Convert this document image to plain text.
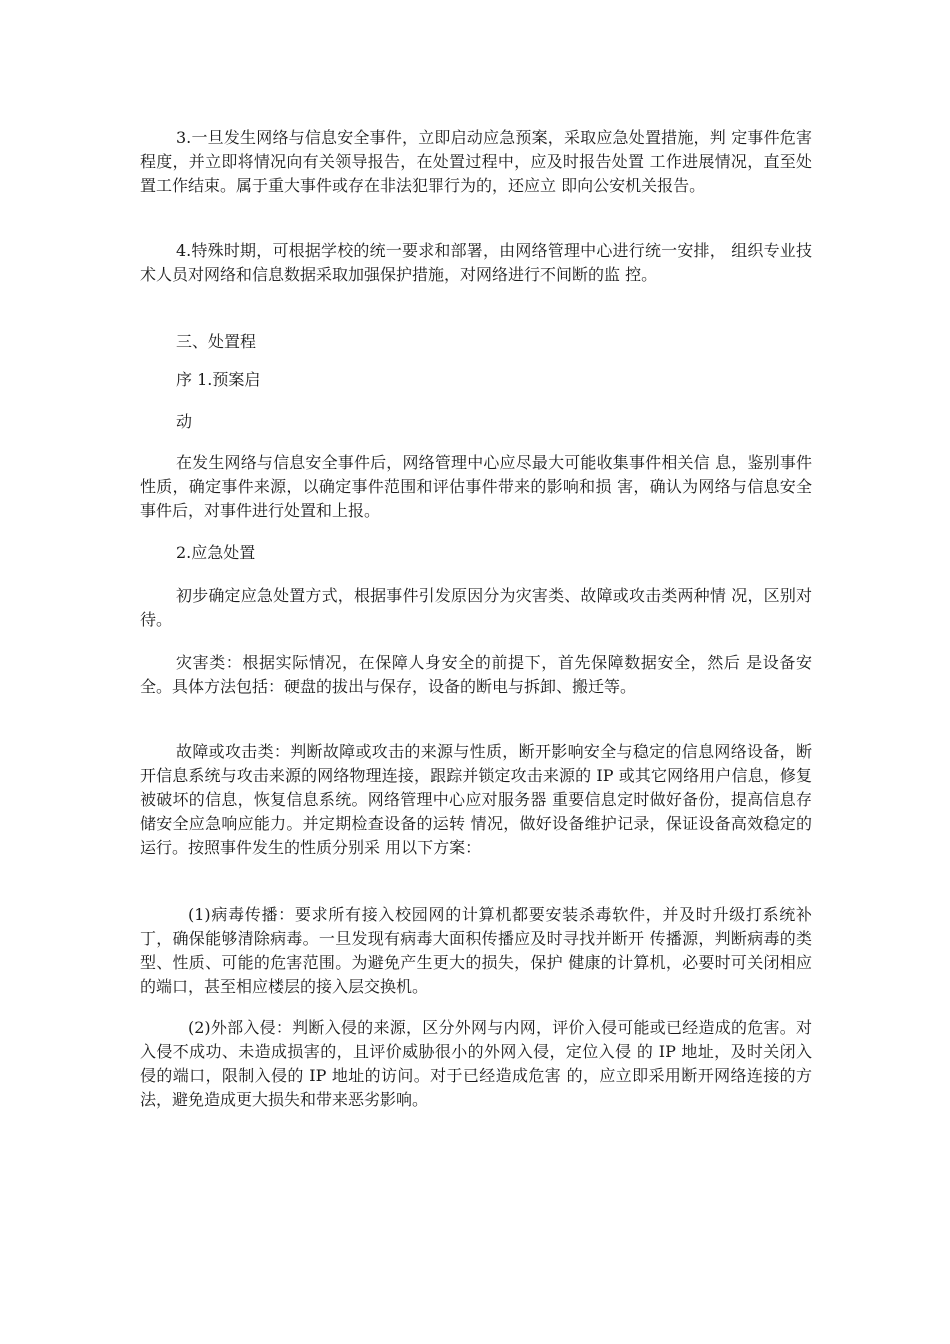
3.一旦发生网络与信息安全事件，立即启动应急预案，采取应急处置措施，判 定事件危害程度，并立即将情况向有关领导报告，在处置过程中，应及时报告处置 工作进展情况，直至处置工作结束。属于重大事件或存在非法犯罪行为的，还应立 即向公安机关报告。

4.特殊时期，可根据学校的统一要求和部署，由网络管理中心进行统一安排， 组织专业技术人员对网络和信息数据采取加强保护措施，对网络进行不间断的监 控。

三、处置程

序 1.预案启

动

在发生网络与信息安全事件后，网络管理中心应尽最大可能收集事件相关信 息，鉴别事件性质，确定事件来源，以确定事件范围和评估事件带来的影响和损 害，确认为网络与信息安全事件后，对事件进行处置和上报。

2.应急处置

初步确定应急处置方式，根据事件引发原因分为灾害类、故障或攻击类两种情 况，区别对待。

灾害类：根据实际情况，在保障人身安全的前提下，首先保障数据安全，然后 是设备安全。具体方法包括：硬盘的拔出与保存，设备的断电与拆卸、搬迁等。

故障或攻击类：判断故障或攻击的来源与性质，断开影响安全与稳定的信息网络设备，断开信息系统与攻击来源的网络物理连接，跟踪并锁定攻击来源的 IP 或其它网络用户信息，修复被破坏的信息，恢复信息系统。网络管理中心应对服务器 重要信息定时做好备份，提高信息存储安全应急响应能力。并定期检查设备的运转 情况，做好设备维护记录，保证设备高效稳定的运行。按照事件发生的性质分别采 用以下方案：

(1)病毒传播：要求所有接入校园网的计算机都要安装杀毒软件，并及时升级打系统补丁，确保能够清除病毒。一旦发现有病毒大面积传播应及时寻找并断开 传播源，判断病毒的类型、性质、可能的危害范围。为避免产生更大的损失，保护 健康的计算机，必要时可关闭相应的端口，甚至相应楼层的接入层交换机。

(2)外部入侵：判断入侵的来源，区分外网与内网，评价入侵可能或已经造成的危害。对入侵不成功、未造成损害的，且评价威胁很小的外网入侵，定位入侵 的 IP 地址，及时关闭入侵的端口，限制入侵的 IP 地址的访问。对于已经造成危害 的，应立即采用断开网络连接的方法，避免造成更大损失和带来恶劣影响。
